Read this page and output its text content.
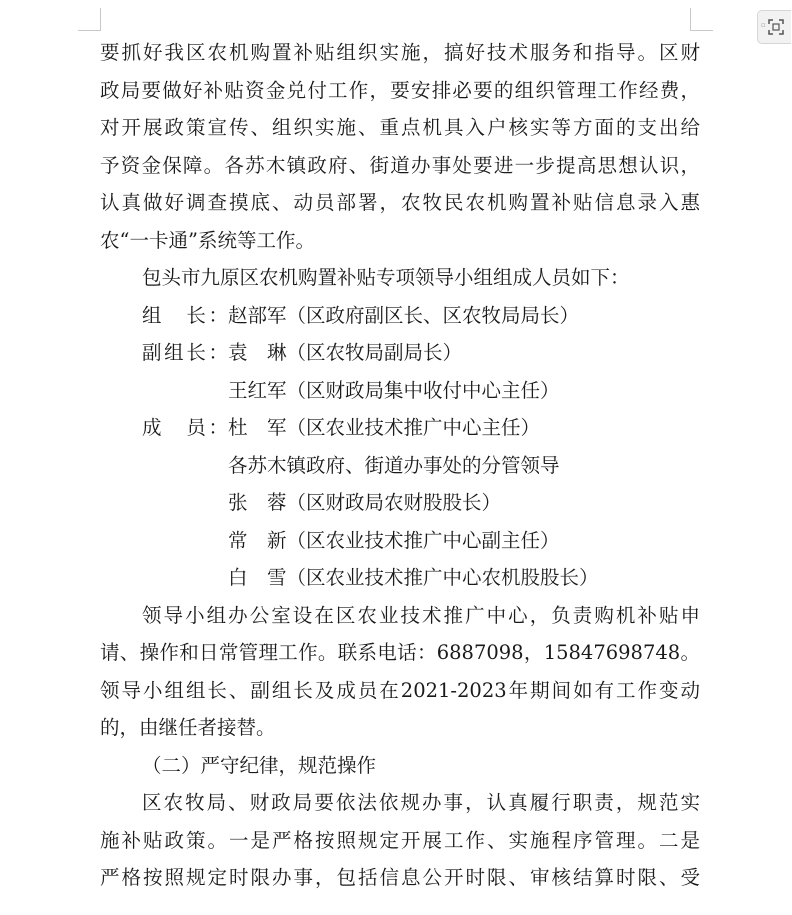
▫
要抓好我区农机购置补贴组织实施，搞好技术服务和指导。区财
政局要做好补贴资金兑付工作，要安排必要的组织管理工作经费，
对开展政策宣传、组织实施、重点机具入户核实等方面的支出给
予资金保障。各苏木镇政府、街道办事处要进一步提高思想认识，
认真做好调查摸底、动员部署，农牧民农机购置补贴信息录入惠
农“一卡通”系统等工作。
包头市九原区农机购置补贴专项领导小组组成人员如下：
组　长： 赵部军（区政府副区长、区农牧局局长）
副组长： 袁　琳（区农牧局副局长）
王红军（区财政局集中收付中心主任）
成　员： 杜　军（区农业技术推广中心主任）
各苏木镇政府、街道办事处的分管领导
张　蓉（区财政局农财股股长）
常　新（区农业技术推广中心副主任）
白　雪（区农业技术推广中心农机股股长）
领导小组办公室设在区农业技术推广中心，负责购机补贴申
请、操作和日常管理工作。联系电话：6887098，15847698748。
领导小组组长、副组长及成员在2021-2023年期间如有工作变动
的，由继任者接替。
（二）严守纪律，规范操作
区农牧局、财政局要依法依规办事，认真履行职责，规范实
施补贴政策。一是严格按照规定开展工作、实施程序管理。二是
严格按照规定时限办事，包括信息公开时限、审核结算时限、受
